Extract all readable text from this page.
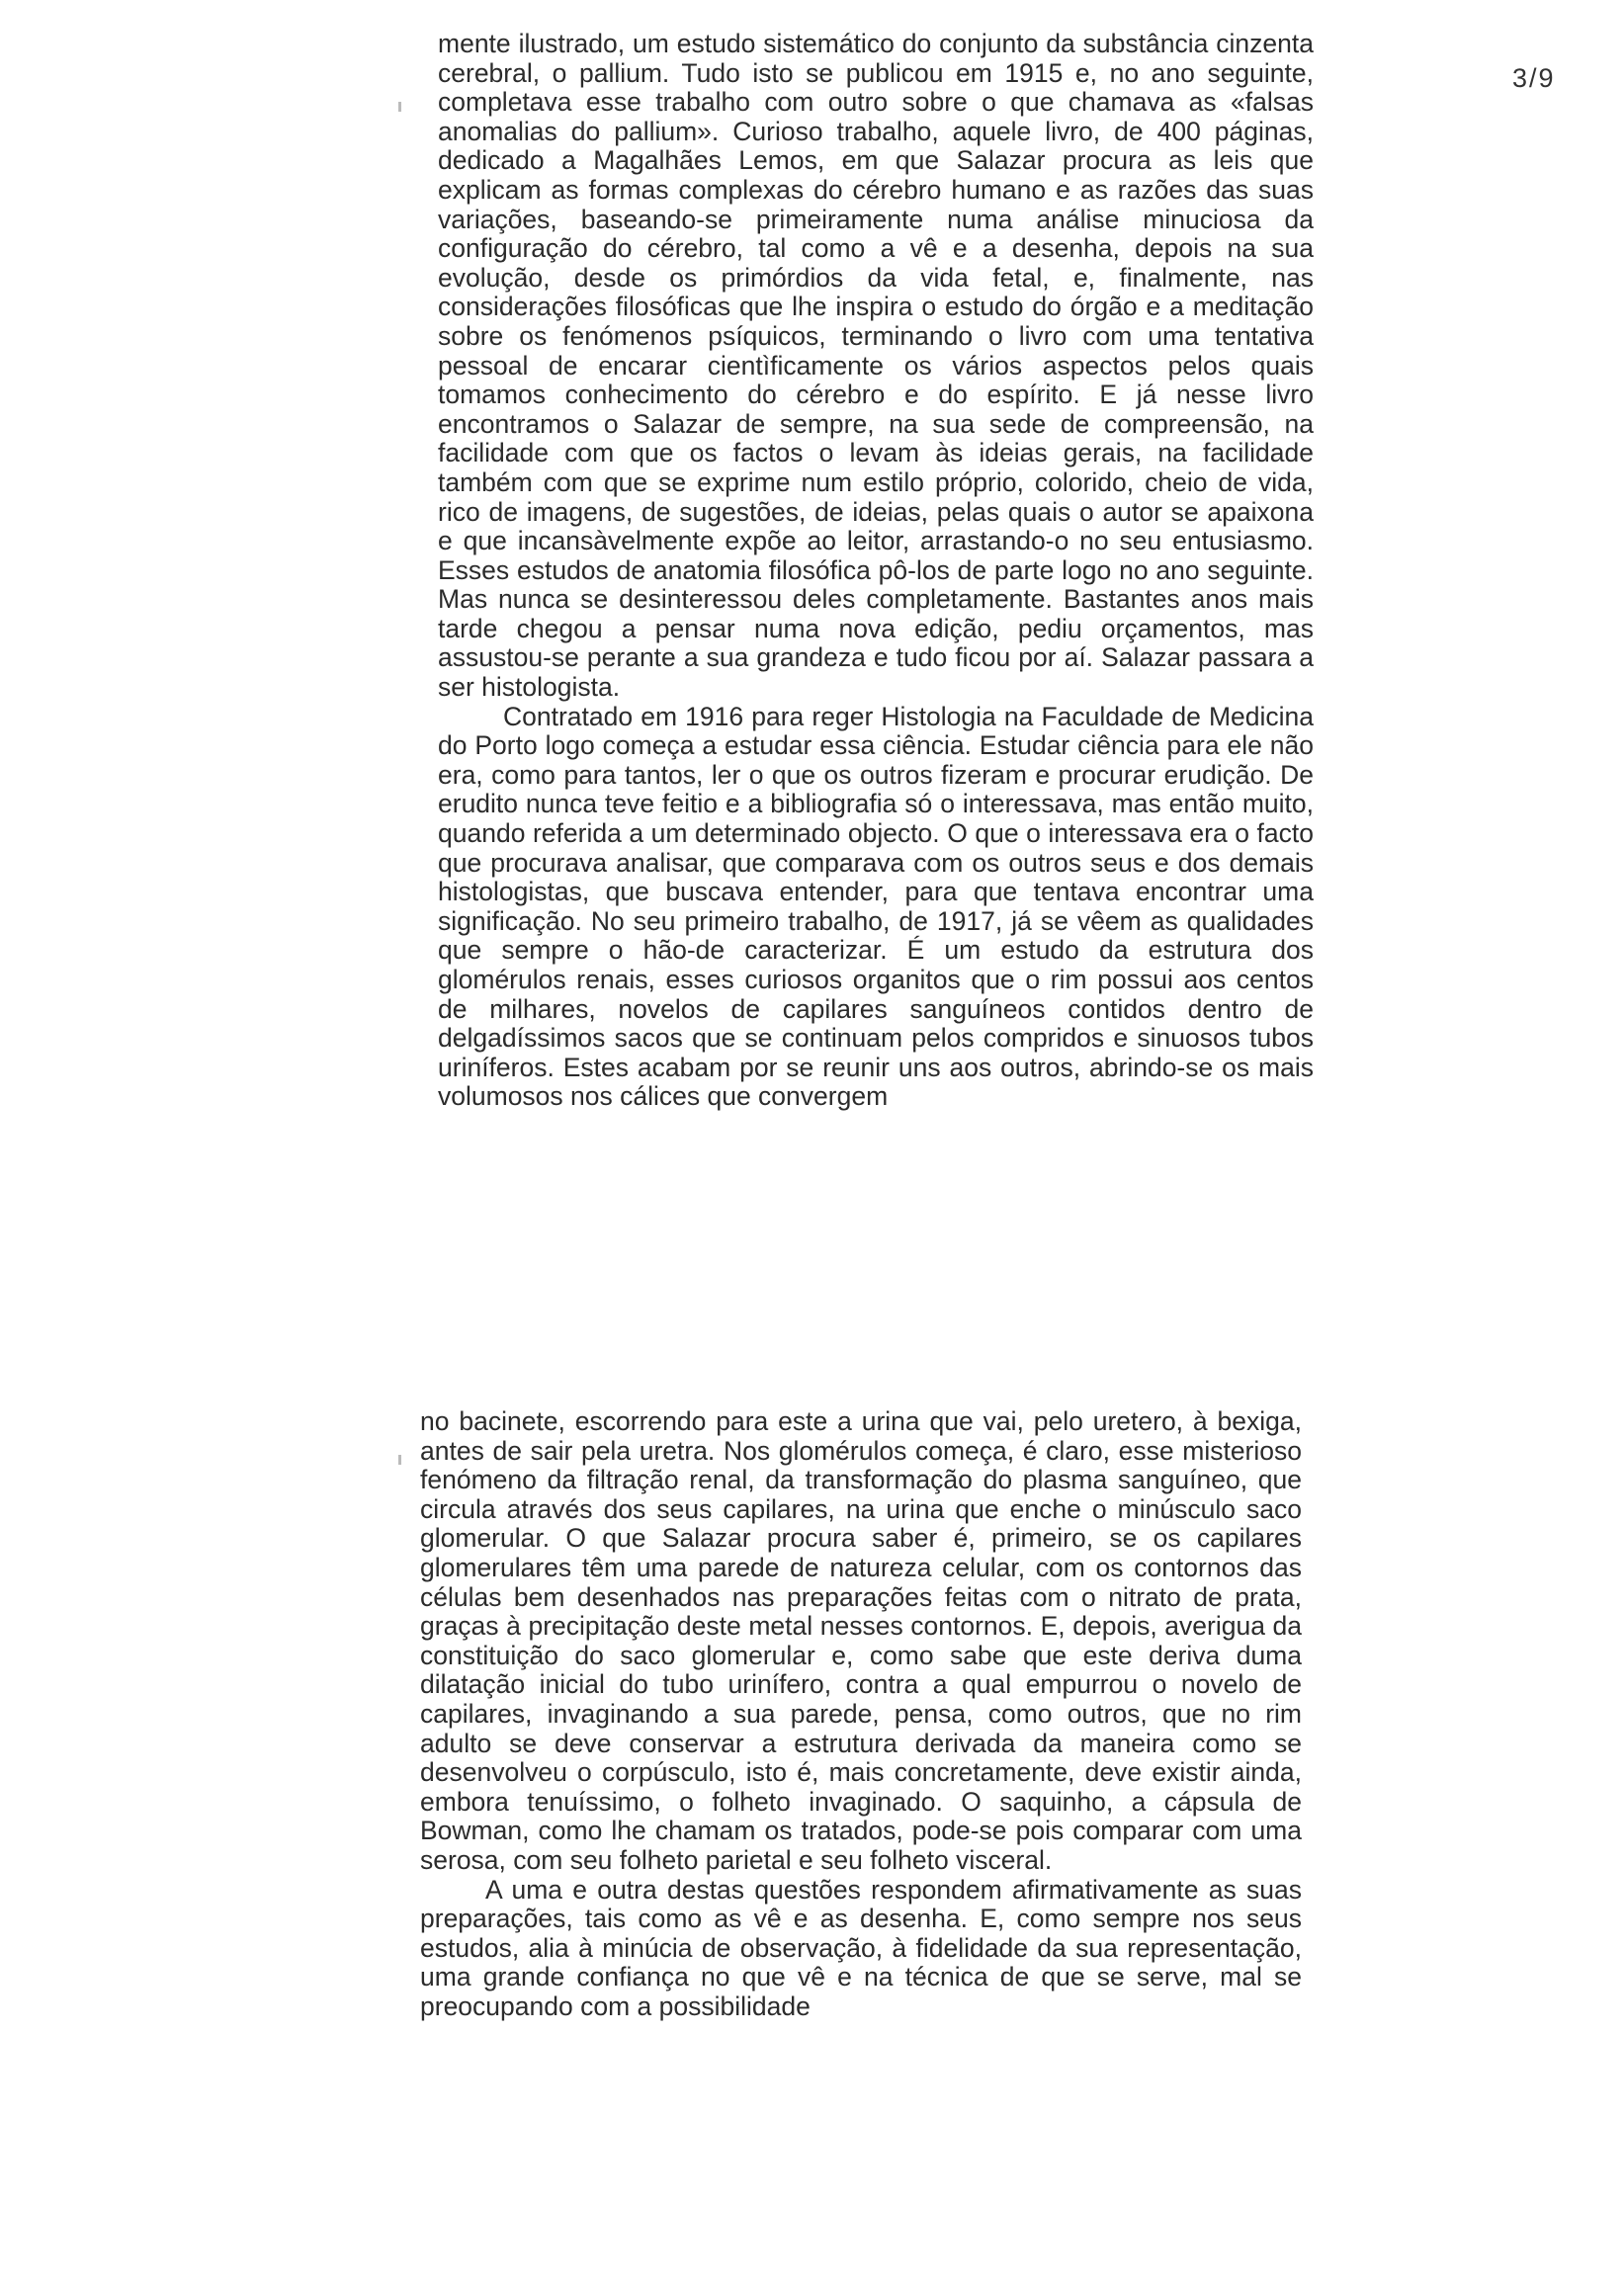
3/9

mente ilustrado, um estudo sistemático do conjunto da substância cinzenta cerebral, o pallium. Tudo isto se publicou em 1915 e, no ano seguinte, completava esse trabalho com outro sobre o que chamava as «falsas anomalias do pallium». Curioso trabalho, aquele livro, de 400 páginas, dedicado a Magalhães Lemos, em que Salazar procura as leis que explicam as formas complexas do cérebro humano e as razões das suas variações, baseando-se primeiramente numa análise minuciosa da configuração do cérebro, tal como a vê e a desenha, depois na sua evolução, desde os primórdios da vida fetal, e, finalmente, nas considerações filosóficas que lhe inspira o estudo do órgão e a meditação sobre os fenómenos psíquicos, terminando o livro com uma tentativa pessoal de encarar cientìficamente os vários aspectos pelos quais tomamos conhecimento do cérebro e do espírito. E já nesse livro encontramos o Salazar de sempre, na sua sede de compreensão, na facilidade com que os factos o levam às ideias gerais, na facilidade também com que se exprime num estilo próprio, colorido, cheio de vida, rico de imagens, de sugestões, de ideias, pelas quais o autor se apaixona e que incansàvelmente expõe ao leitor, arrastando-o no seu entusiasmo. Esses estudos de anatomia filosófica pô-los de parte logo no ano seguinte. Mas nunca se desinteressou deles completamente. Bastantes anos mais tarde chegou a pensar numa nova edição, pediu orçamentos, mas assustou-se perante a sua grandeza e tudo ficou por aí. Salazar passara a ser histologista.

Contratado em 1916 para reger Histologia na Faculdade de Medicina do Porto logo começa a estudar essa ciência. Estudar ciência para ele não era, como para tantos, ler o que os outros fizeram e procurar erudição. De erudito nunca teve feitio e a bibliografia só o interessava, mas então muito, quando referida a um determinado objecto. O que o interessava era o facto que procurava analisar, que comparava com os outros seus e dos demais histologistas, que buscava entender, para que tentava encontrar uma significação. No seu primeiro trabalho, de 1917, já se vêem as qualidades que sempre o hão-de caracterizar. É um estudo da estrutura dos glomérulos renais, esses curiosos organitos que o rim possui aos centos de milhares, novelos de capilares sanguíneos contidos dentro de delgadíssimos sacos que se continuam pelos compridos e sinuosos tubos uriníferos. Estes acabam por se reunir uns aos outros, abrindo-se os mais volumosos nos cálices que convergem

no bacinete, escorrendo para este a urina que vai, pelo uretero, à bexiga, antes de sair pela uretra. Nos glomérulos começa, é claro, esse misterioso fenómeno da filtração renal, da transformação do plasma sanguíneo, que circula através dos seus capilares, na urina que enche o minúsculo saco glomerular. O que Salazar procura saber é, primeiro, se os capilares glomerulares têm uma parede de natureza celular, com os contornos das células bem desenhados nas preparações feitas com o nitrato de prata, graças à precipitação deste metal nesses contornos. E, depois, averigua da constituição do saco glomerular e, como sabe que este deriva duma dilatação inicial do tubo urinífero, contra a qual empurrou o novelo de capilares, invaginando a sua parede, pensa, como outros, que no rim adulto se deve conservar a estrutura derivada da maneira como se desenvolveu o corpúsculo, isto é, mais concretamente, deve existir ainda, embora tenuíssimo, o folheto invaginado. O saquinho, a cápsula de Bowman, como lhe chamam os tratados, pode-se pois comparar com uma serosa, com seu folheto parietal e seu folheto visceral.

A uma e outra destas questões respondem afirmativamente as suas preparações, tais como as vê e as desenha. E, como sempre nos seus estudos, alia à minúcia de observação, à fidelidade da sua representação, uma grande confiança no que vê e na técnica de que se serve, mal se preocupando com a possibilidade
